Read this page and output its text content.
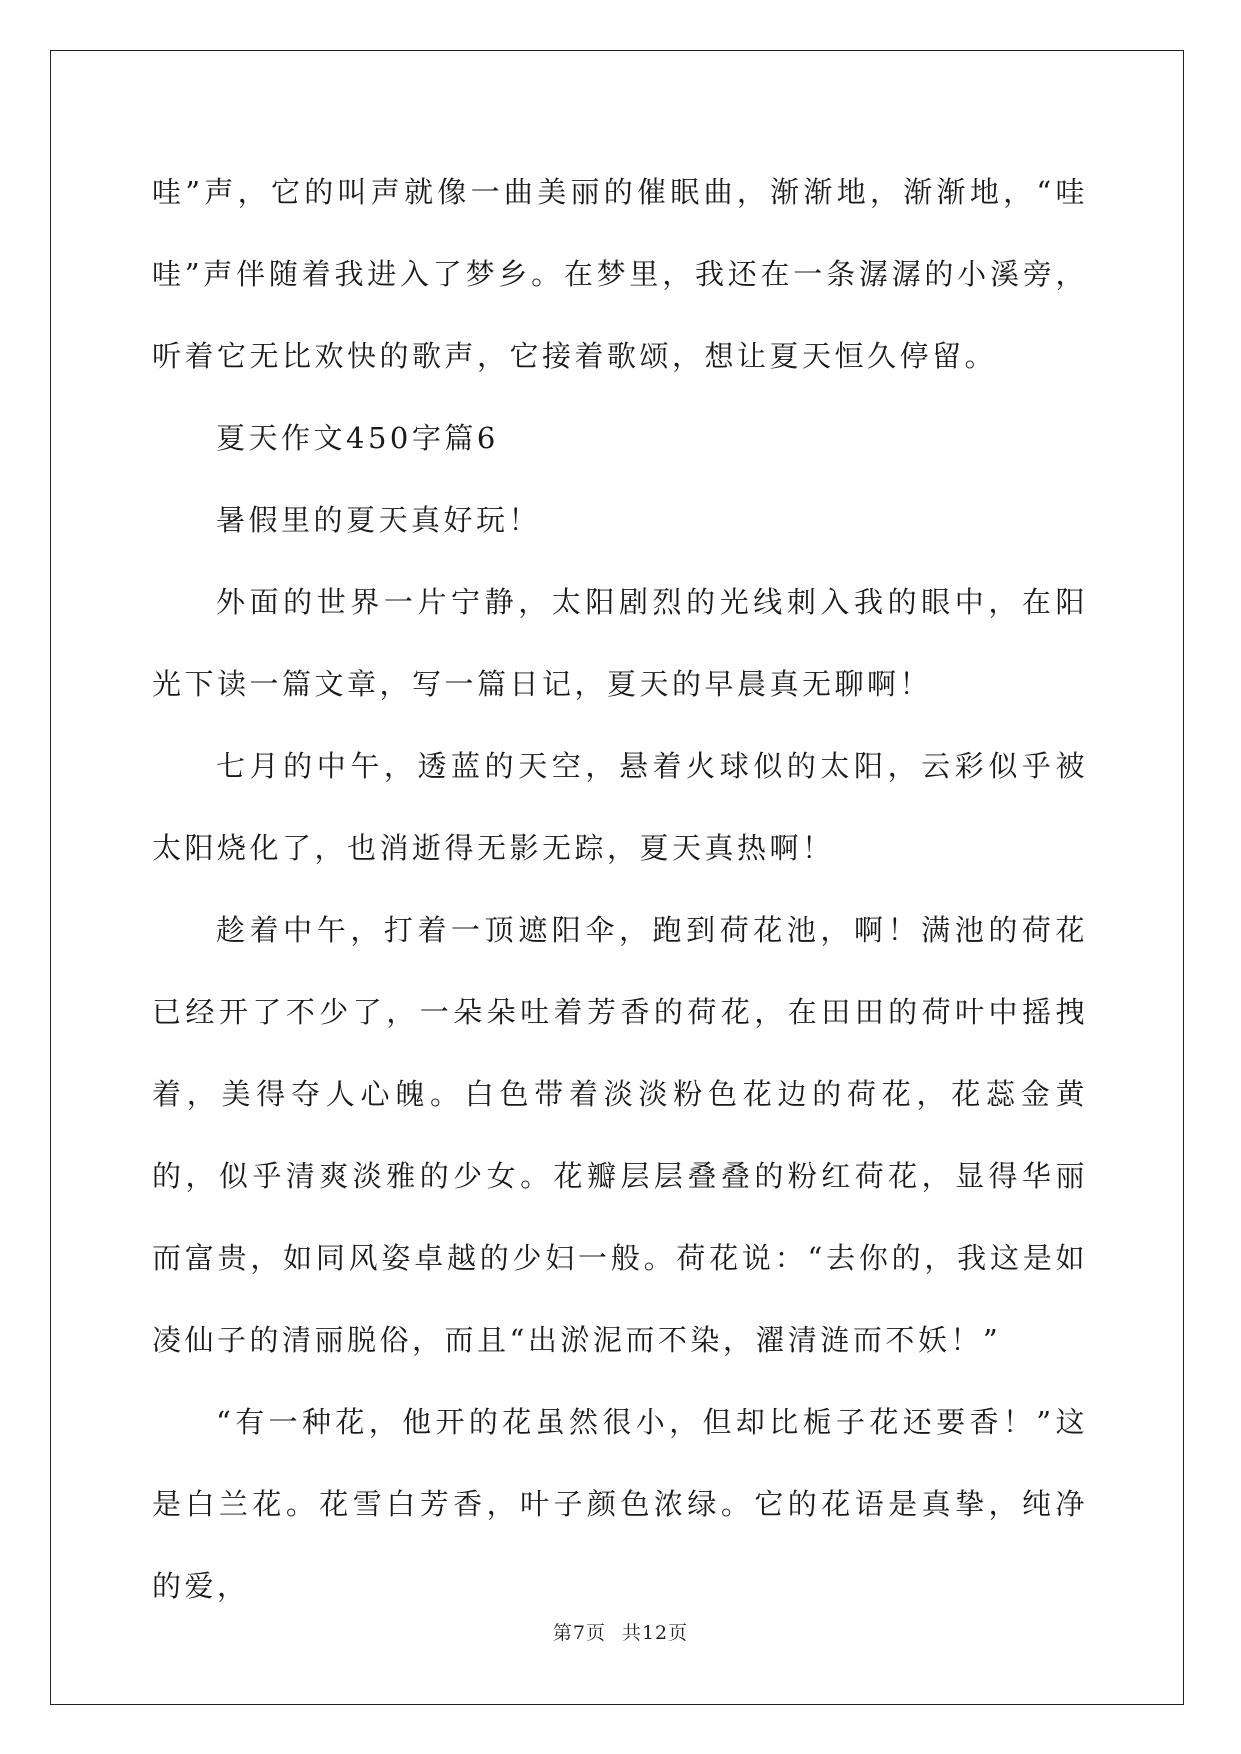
哇”声，它的叫声就像一曲美丽的催眠曲，渐渐地，渐渐地，“哇哇”声伴随着我进入了梦乡。在梦里，我还在一条潺潺的小溪旁，听着它无比欢快的歌声，它接着歌颂，想让夏天恒久停留。

夏天作文450字篇6

暑假里的夏天真好玩！

外面的世界一片宁静，太阳剧烈的光线刺入我的眼中，在阳光下读一篇文章，写一篇日记，夏天的早晨真无聊啊！

七月的中午，透蓝的天空，悬着火球似的太阳，云彩似乎被太阳烧化了，也消逝得无影无踪，夏天真热啊！

趁着中午，打着一顶遮阳伞，跑到荷花池，啊！满池的荷花已经开了不少了，一朵朵吐着芳香的荷花，在田田的荷叶中摇拽着，美得夺人心魄。白色带着淡淡粉色花边的荷花，花蕊金黄的，似乎清爽淡雅的少女。花瓣层层叠叠的粉红荷花，显得华丽而富贵，如同风姿卓越的少妇一般。荷花说：“去你的，我这是如凌仙子的清丽脱俗，而且“出淤泥而不染，濯清涟而不妖！”

“有一种花，他开的花虽然很小，但却比栀子花还要香！”这是白兰花。花雪白芳香，叶子颜色浓绿。它的花语是真挚，纯净的爱，

第7页 共12页
